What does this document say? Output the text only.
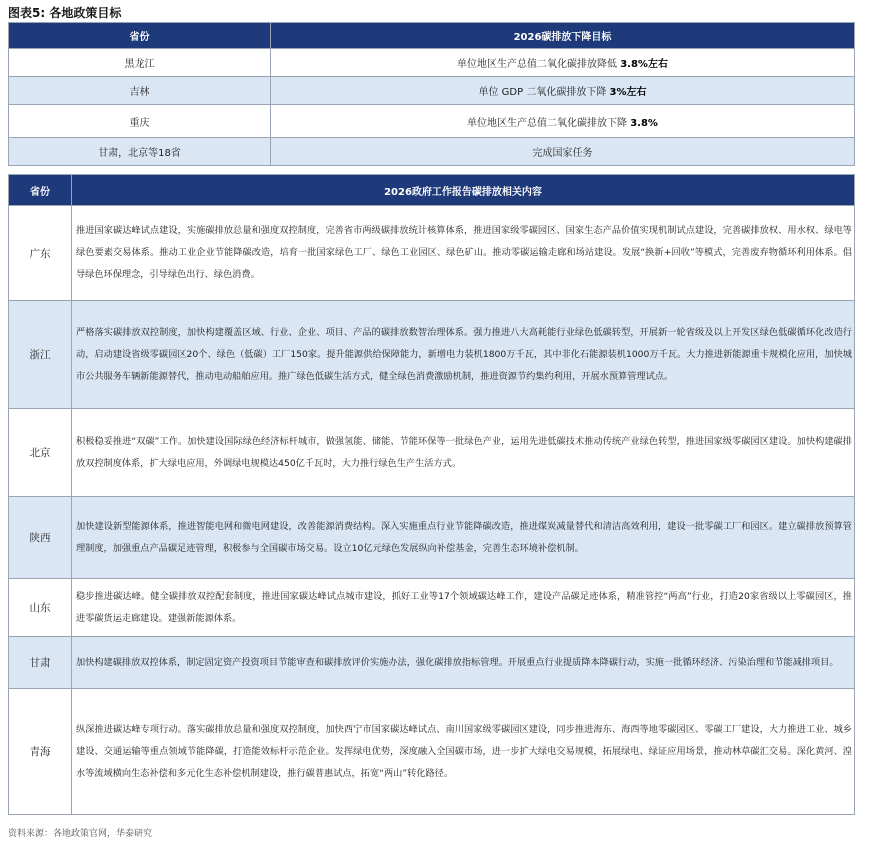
图表5: 各地政策目标
省份	2026碳排放下降目标
黑龙江	单位地区生产总值二氧化碳排放降低 3.8%左右
吉林	单位 GDP 二氧化碳排放下降 3%左右
重庆	单位地区生产总值二氧化碳排放下降 3.8%
甘肃，北京等18省	完成国家任务
省份	2026政府工作报告碳排放相关内容
广东	推进国家碳达峰试点建设，实施碳排放总量和强度双控制度，完善省市两级碳排放统计核算体系，推进国家级零碳园区、国家生态产品价值实现机制试点建设，完善碳排放权、用水权、绿电等绿色要素交易体系。推动工业企业节能降碳改造，培育一批国家绿色工厂、绿色工业园区、绿色矿山。推动零碳运输走廊和场站建设。发展“换新+回收”等模式，完善废弃物循环利用体系。倡导绿色环保理念，引导绿色出行、绿色消费。
浙江	严格落实碳排放双控制度，加快构建覆盖区域、行业、企业、项目、产品的碳排放数智治理体系。强力推进八大高耗能行业绿色低碳转型，开展新一轮省级及以上开发区绿色低碳循环化改造行动，启动建设省级零碳园区20个、绿色（低碳）工厂150家。提升能源供给保障能力，新增电力装机1800万千瓦，其中非化石能源装机1000万千瓦。大力推进新能源重卡规模化应用，加快城市公共服务车辆新能源替代，推动电动船舶应用。推广绿色低碳生活方式，健全绿色消费激励机制，推进资源节约集约利用，开展水预算管理试点。
北京	积极稳妥推进“双碳”工作。加快建设国际绿色经济标杆城市，做强氢能、储能、节能环保等一批绿色产业，运用先进低碳技术推动传统产业绿色转型，推进国家级零碳园区建设。加快构建碳排放双控制度体系，扩大绿电应用，外调绿电规模达450亿千瓦时，大力推行绿色生产生活方式。
陕西	加快建设新型能源体系，推进智能电网和微电网建设，改善能源消费结构。深入实施重点行业节能降碳改造，推进煤炭减量替代和清洁高效利用，建设一批零碳工厂和园区。建立碳排放预算管理制度，加强重点产品碳足迹管理，积极参与全国碳市场交易。设立10亿元绿色发展纵向补偿基金，完善生态环境补偿机制。
山东	稳步推进碳达峰。健全碳排放双控配套制度，推进国家碳达峰试点城市建设，抓好工业等17个领域碳达峰工作，建设产品碳足迹体系，精准管控“两高”行业，打造20家省级以上零碳园区，推进零碳货运走廊建设。建强新能源体系。
甘肃	加快构建碳排放双控体系，制定固定资产投资项目节能审查和碳排放评价实施办法，强化碳排放指标管理。开展重点行业提质降本降碳行动，实施一批循环经济、污染治理和节能减排项目。
青海	纵深推进碳达峰专项行动。落实碳排放总量和强度双控制度，加快西宁市国家碳达峰试点、南川国家级零碳园区建设，同步推进海东、海西等地零碳园区、零碳工厂建设，大力推进工业、城乡建设、交通运输等重点领域节能降碳，打造能效标杆示范企业。发挥绿电优势，深度融入全国碳市场，进一步扩大绿电交易规模，拓展绿电、绿证应用场景，推动林草碳汇交易。深化黄河、湟水等流域横向生态补偿和多元化生态补偿机制建设，推行碳普惠试点，拓宽“两山”转化路径。
资料来源：各地政策官网，华泰研究
